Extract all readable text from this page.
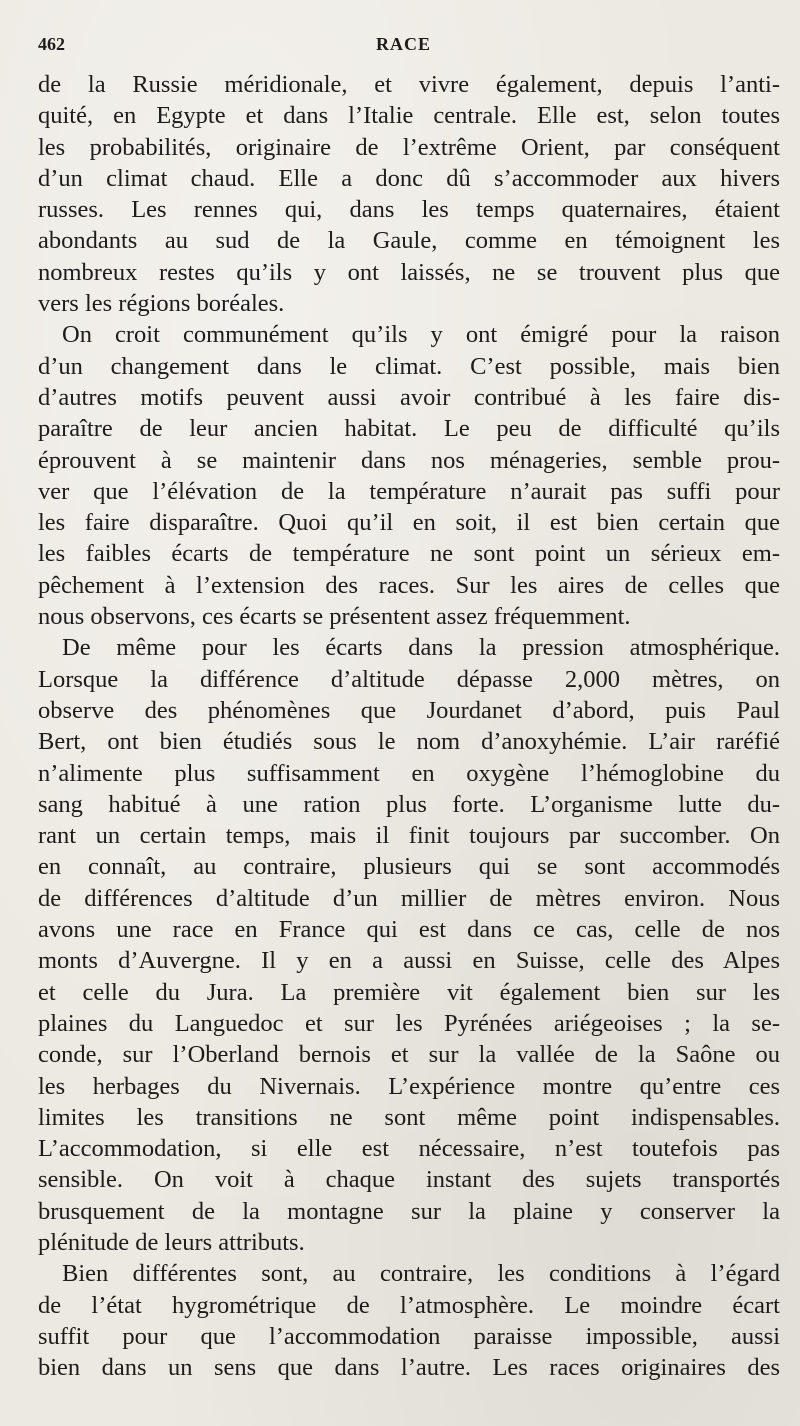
462	RACE
de la Russie méridionale, et vivre également, depuis l’anti-
quité, en Egypte et dans l’Italie centrale. Elle est, selon toutes
les probabilités, originaire de l’extrême Orient, par conséquent
d’un climat chaud. Elle a donc dû s’accommoder aux hivers
russes. Les rennes qui, dans les temps quaternaires, étaient
abondants au sud de la Gaule, comme en témoignent les
nombreux restes qu’ils y ont laissés, ne se trouvent plus que
vers les régions boréales.
On croit communément qu’ils y ont émigré pour la raison
d’un changement dans le climat. C’est possible, mais bien
d’autres motifs peuvent aussi avoir contribué à les faire dis-
paraître de leur ancien habitat. Le peu de difficulté qu’ils
éprouvent à se maintenir dans nos ménageries, semble prou-
ver que l’élévation de la température n’aurait pas suffi pour
les faire disparaître. Quoi qu’il en soit, il est bien certain que
les faibles écarts de température ne sont point un sérieux em-
pêchement à l’extension des races. Sur les aires de celles que
nous observons, ces écarts se présentent assez fréquemment.
De même pour les écarts dans la pression atmosphérique.
Lorsque la différence d’altitude dépasse 2,000 mètres, on
observe des phénomènes que Jourdanet d’abord, puis Paul
Bert, ont bien étudiés sous le nom d’anoxyhémie. L’air raréfié
n’alimente plus suffisamment en oxygène l’hémoglobine du
sang habitué à une ration plus forte. L’organisme lutte du-
rant un certain temps, mais il finit toujours par succomber. On
en connaît, au contraire, plusieurs qui se sont accommodés
de différences d’altitude d’un millier de mètres environ. Nous
avons une race en France qui est dans ce cas, celle de nos
monts d’Auvergne. Il y en a aussi en Suisse, celle des Alpes
et celle du Jura. La première vit également bien sur les
plaines du Languedoc et sur les Pyrénées ariégeoises ; la se-
conde, sur l’Oberland bernois et sur la vallée de la Saône ou
les herbages du Nivernais. L’expérience montre qu’entre ces
limites les transitions ne sont même point indispensables.
L’accommodation, si elle est nécessaire, n’est toutefois pas
sensible. On voit à chaque instant des sujets transportés
brusquement de la montagne sur la plaine y conserver la
plénitude de leurs attributs.
Bien différentes sont, au contraire, les conditions à l’égard
de l’état hygrométrique de l’atmosphère. Le moindre écart
suffit pour que l’accommodation paraisse impossible, aussi
bien dans un sens que dans l’autre. Les races originaires des
